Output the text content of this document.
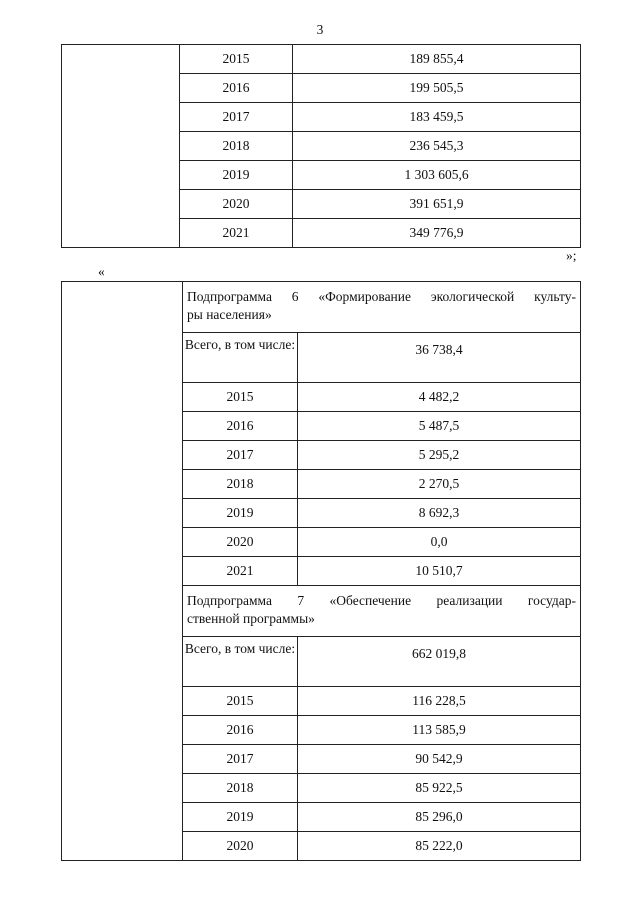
3
	2015	189 855,4
	2016	199 505,5
	2017	183 459,5
	2018	236 545,3
	2019	1 303 605,6
	2020	391 651,9
	2021	349 776,9
»;
«
	Подпрограмма 6 «Формирование экологической культу-
ры населения»	

	Всего, в том числе:	36 738,4
	2015	4 482,2
	2016	5 487,5
	2017	5 295,2
	2018	2 270,5
	2019	8 692,3
	2020	0,0
	2021	10 510,7
	Подпрограмма 7 «Обеспечение реализации государ-
ственной программы»	

	Всего, в том числе:	662 019,8
	2015	116 228,5
	2016	113 585,9
	2017	90 542,9
	2018	85 922,5
	2019	85 296,0
	2020	85 222,0
